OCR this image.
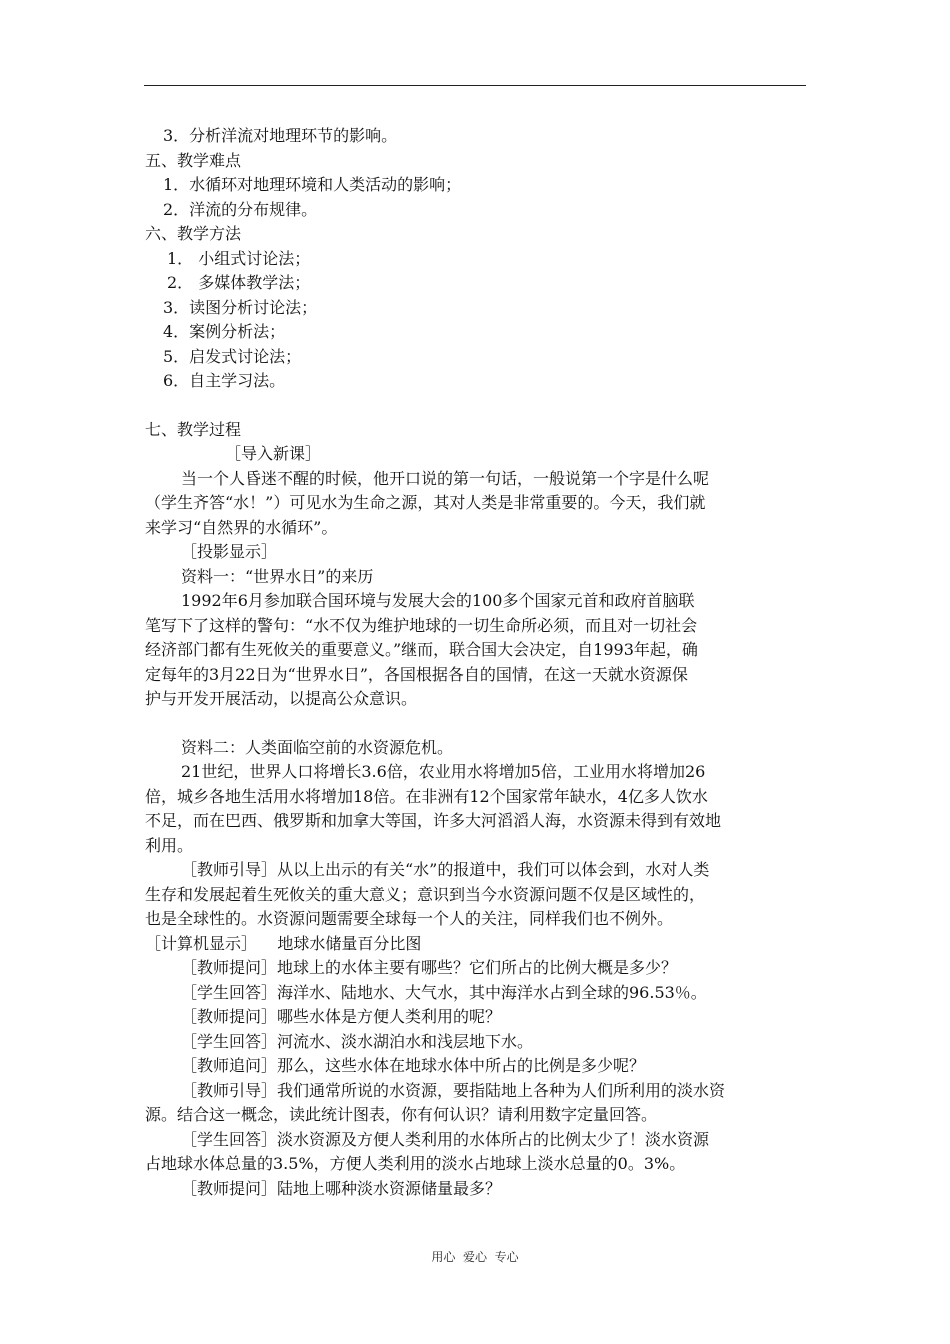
3．分析洋流对地理环节的影响。
五、教学难点
1．水循环对地理环境和人类活动的影响；
2．洋流的分布规律。
六、教学方法
1． 小组式讨论法；
2． 多媒体教学法；
3．读图分析讨论法；
4．案例分析法；
5．启发式讨论法；
6．自主学习法。
七、教学过程
［导入新课］
当一个人昏迷不醒的时候，他开口说的第一句话，一般说第一个字是什么呢
（学生齐答“水！”）可见水为生命之源，其对人类是非常重要的。今天，我们就
来学习“自然界的水循环”。
［投影显示］
资料一：“世界水日”的来历
1992年6月参加联合国环境与发展大会的100多个国家元首和政府首脑联
笔写下了这样的警句：“水不仅为维护地球的一切生命所必须，而且对一切社会
经济部门都有生死攸关的重要意义。”继而，联合国大会决定，自1993年起，确
定每年的3月22日为“世界水日”，各国根据各自的国情，在这一天就水资源保
护与开发开展活动，以提高公众意识。
资料二：人类面临空前的水资源危机。
21世纪，世界人口将增长3.6倍，农业用水将增加5倍，工业用水将增加26
倍，城乡各地生活用水将增加18倍。在非洲有12个国家常年缺水，4亿多人饮水
不足，而在巴西、俄罗斯和加拿大等国，许多大河滔滔人海，水资源未得到有效地
利用。
［教师引导］从以上出示的有关“水”的报道中，我们可以体会到，水对人类
生存和发展起着生死攸关的重大意义；意识到当今水资源问题不仅是区域性的，
也是全球性的。水资源问题需要全球每一个人的关注，同样我们也不例外。
［计算机显示］    地球水储量百分比图
［教师提问］地球上的水体主要有哪些？它们所占的比例大概是多少？
［学生回答］海洋水、陆地水、大气水，其中海洋水占到全球的96.53％。
［教师提问］哪些水体是方便人类利用的呢？
［学生回答］河流水、淡水湖泊水和浅层地下水。
［教师追问］那么，这些水体在地球水体中所占的比例是多少呢？
［教师引导］我们通常所说的水资源，要指陆地上各种为人们所利用的淡水资
源。结合这一概念，读此统计图表，你有何认识？请利用数字定量回答。
［学生回答］淡水资源及方便人类利用的水体所占的比例太少了！淡水资源
占地球水体总量的3.5%，方便人类利用的淡水占地球上淡水总量的0。3%。
［教师提问］陆地上哪种淡水资源储量最多？
用心  爱心  专心
